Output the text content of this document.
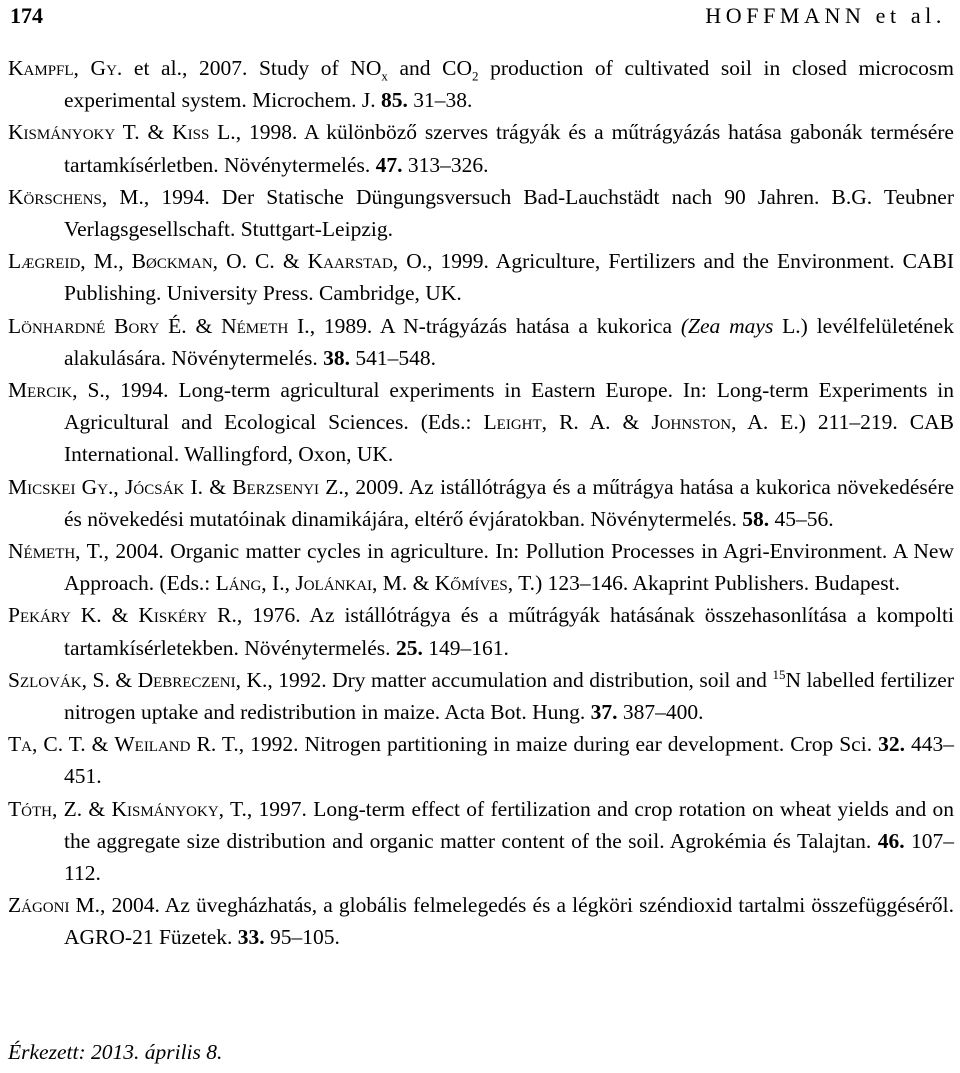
174	HOFFMANN et al.
Kampfl, Gy. et al., 2007. Study of $NO_x$ and $CO_2$ production of cultivated soil in closed microcosm experimental system. Microchem. J. 85. 31–38.
Kismányoky T. & Kiss L., 1998. A különböző szerves trágyák és a műtrágyázás hatása gabonák termésére tartamkísérletben. Növénytermelés. 47. 313–326.
Körschens, M., 1994. Der Statische Düngungsversuch Bad-Lauchstädt nach 90 Jahren. B.G. Teubner Verlagsgesellschaft. Stuttgart-Leipzig.
Lægreid, M., Bøckman, O. C. & Kaarstad, O., 1999. Agriculture, Fertilizers and the Environment. CABI Publishing. University Press. Cambridge, UK.
Lönhardné Bory É. & Németh I., 1989. A N-trágyázás hatása a kukorica (Zea mays L.) levélfelületének alakulására. Növénytermelés. 38. 541–548.
Mercik, S., 1994. Long-term agricultural experiments in Eastern Europe. In: Long-term Experiments in Agricultural and Ecological Sciences. (Eds.: Leight, R. A. & Johnston, A. E.) 211–219. CAB International. Wallingford, Oxon, UK.
Micskei Gy., Jócsák I. & Berzsenyi Z., 2009. Az istállótrágya és a műtrágya hatása a kukorica növekedésére és növekedési mutatóinak dinamikájára, eltérő évjáratokban. Növénytermelés. 58. 45–56.
Németh, T., 2004. Organic matter cycles in agriculture. In: Pollution Processes in Agri-Environment. A New Approach. (Eds.: Láng, I., Jolánkai, M. & Kőmíves, T.) 123–146. Akaprint Publishers. Budapest.
Pekáry K. & Kiskéry R., 1976. Az istállótrágya és a műtrágyák hatásának összehasonlítása a kompolti tartamkísérletekben. Növénytermelés. 25. 149–161.
Szlovák, S. & Debreczeni, K., 1992. Dry matter accumulation and distribution, soil and $^{15}$N labelled fertilizer nitrogen uptake and redistribution in maize. Acta Bot. Hung. 37. 387–400.
Ta, C. T. & Weiland R. T., 1992. Nitrogen partitioning in maize during ear development. Crop Sci. 32. 443–451.
Tóth, Z. & Kismányoky, T., 1997. Long-term effect of fertilization and crop rotation on wheat yields and on the aggregate size distribution and organic matter content of the soil. Agrokémia és Talajtan. 46. 107–112.
Zágoni M., 2004. Az üvegházhatás, a globális felmelegedés és a légköri széndioxid tartalmi összefüggéséről. AGRO-21 Füzetek. 33. 95–105.
Érkezett: 2013. április 8.
